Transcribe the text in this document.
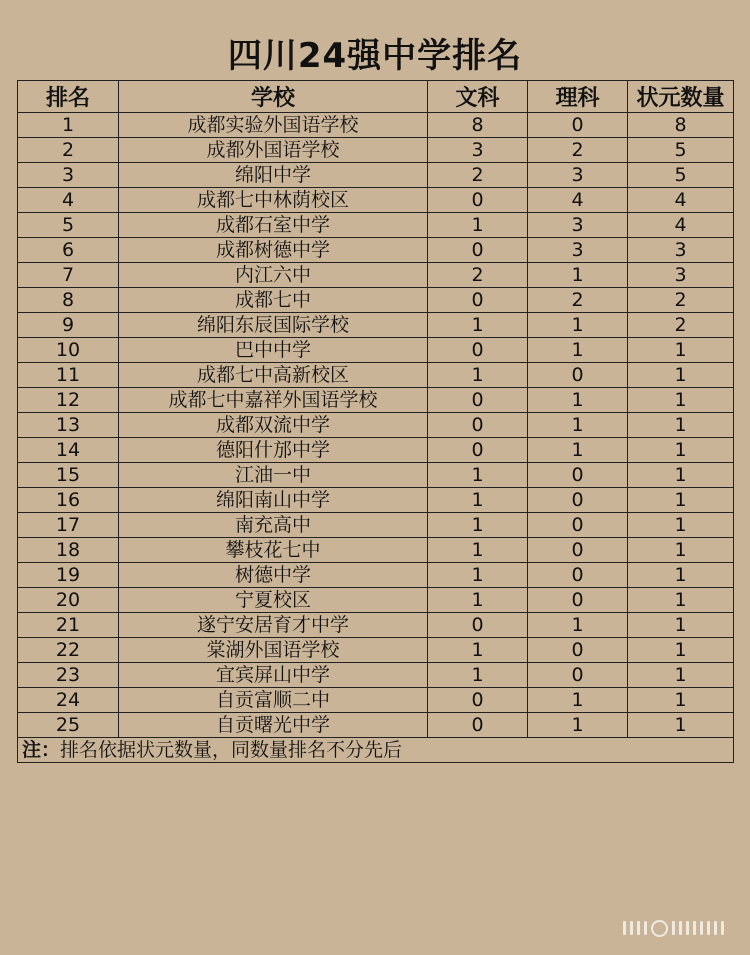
四川24强中学排名
排名	学校	文科	理科	状元数量
1	成都实验外国语学校	8	0	8
2	成都外国语学校	3	2	5
3	绵阳中学	2	3	5
4	成都七中林荫校区	0	4	4
5	成都石室中学	1	3	4
6	成都树德中学	0	3	3
7	内江六中	2	1	3
8	成都七中	0	2	2
9	绵阳东辰国际学校	1	1	2
10	巴中中学	0	1	1
11	成都七中高新校区	1	0	1
12	成都七中嘉祥外国语学校	0	1	1
13	成都双流中学	0	1	1
14	德阳什邡中学	0	1	1
15	江油一中	1	0	1
16	绵阳南山中学	1	0	1
17	南充高中	1	0	1
18	攀枝花七中	1	0	1
19	树德中学	1	0	1
20	宁夏校区	1	0	1
21	遂宁安居育才中学	0	1	1
22	棠湖外国语学校	1	0	1
23	宜宾屏山中学	1	0	1
24	自贡富顺二中	0	1	1
25	自贡曙光中学	0	1	1
注：排名依据状元数量，同数量排名不分先后				
